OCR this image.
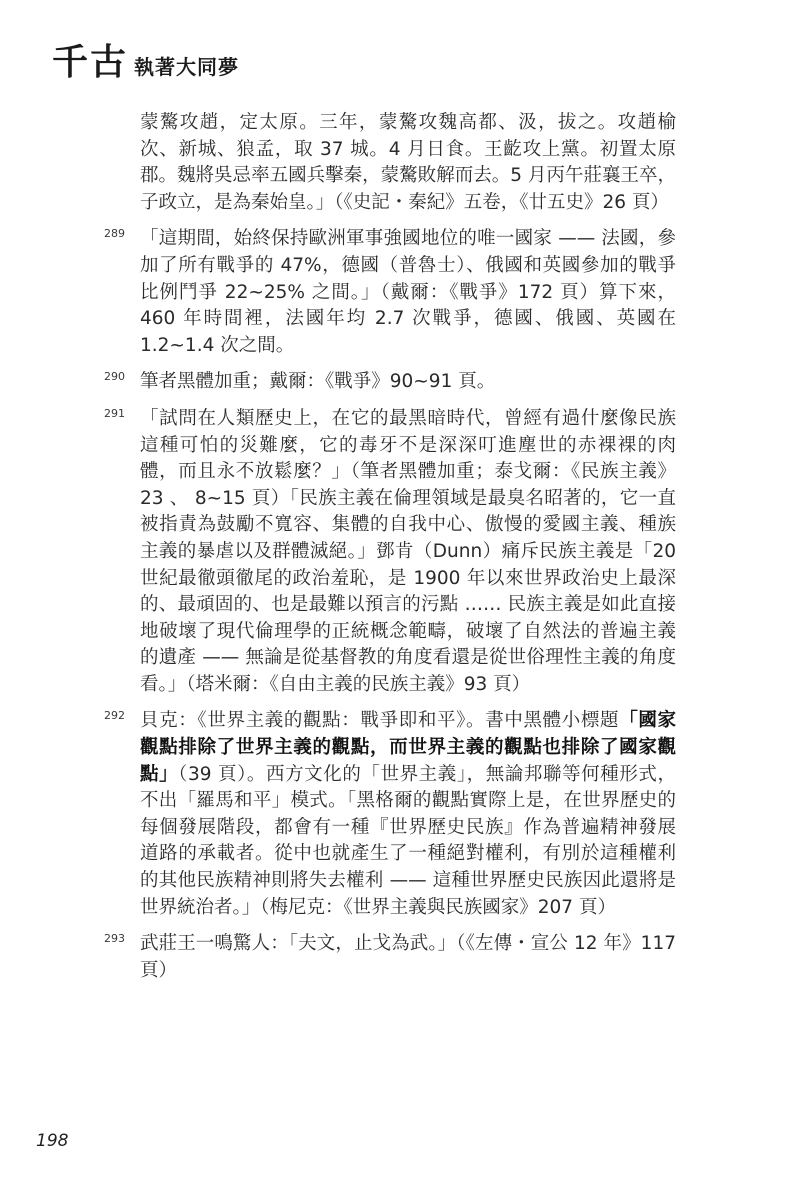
千古 執著大同夢
蒙驁攻趙，定太原。三年，蒙驁攻魏高都、汲，拔之。攻趙榆次、新城、狼孟，取 37 城。4 月日食。王齕攻上黨。初置太原郡。魏將吳忌率五國兵擊秦，蒙驁敗解而去。5 月丙午莊襄王卒，子政立，是為秦始皇。」（《史記・秦紀》五卷，《廿五史》26 頁）
289 「這期間，始終保持歐洲軍事強國地位的唯一國家 —— 法國，參加了所有戰爭的 47%，德國（普魯士）、俄國和英國參加的戰爭比例鬥爭 22~25% 之間。」（戴爾：《戰爭》172 頁）算下來，460 年時間裡，法國年均 2.7 次戰爭，德國、俄國、英國在 1.2~1.4 次之間。
290 筆者黑體加重；戴爾：《戰爭》90~91 頁。
291 「試問在人類歷史上，在它的最黑暗時代，曾經有過什麼像民族這種可怕的災難麼，它的毒牙不是深深叮進塵世的赤裸裸的肉體，而且永不放鬆麼？」（筆者黑體加重；泰戈爾：《民族主義》23 、 8~15 頁）「民族主義在倫理領域是最臭名昭著的，它一直被指責為鼓勵不寬容、集體的自我中心、傲慢的愛國主義、種族主義的暴虐以及群體滅絕。」鄧肯（Dunn）痛斥民族主義是「20 世紀最徹頭徹尾的政治羞恥，是 1900 年以來世界政治史上最深的、最頑固的、也是最難以預言的污點 …… 民族主義是如此直接地破壞了現代倫理學的正統概念範疇，破壞了自然法的普遍主義的遺產 —— 無論是從基督教的角度看還是從世俗理性主義的角度看。」（塔米爾：《自由主義的民族主義》93 頁）
292 貝克：《世界主義的觀點：戰爭即和平》。書中黑體小標題「國家觀點排除了世界主義的觀點，而世界主義的觀點也排除了國家觀點」（39 頁）。西方文化的「世界主義」，無論邦聯等何種形式，不出「羅馬和平」模式。「黑格爾的觀點實際上是，在世界歷史的每個發展階段，都會有一種『世界歷史民族』作為普遍精神發展道路的承載者。從中也就產生了一種絕對權利，有別於這種權利的其他民族精神則將失去權利 —— 這種世界歷史民族因此還將是世界統治者。」（梅尼克：《世界主義與民族國家》207 頁）
293 武莊王一鳴驚人：「夫文，止戈為武。」（《左傳・宣公 12 年》117 頁）
198
